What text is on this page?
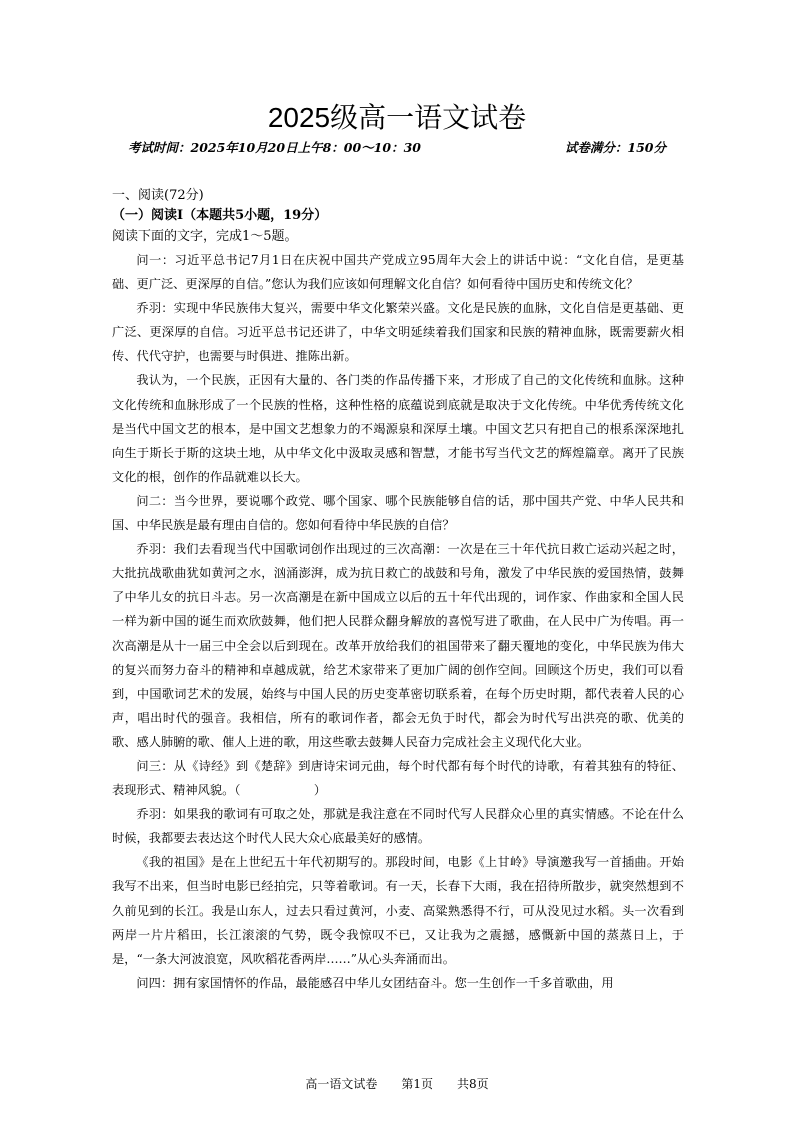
2025级高一语文试卷
考试时间：2025年10月20日上午8：00～10：30	试卷满分：150分

一、阅读(72分)

（一）阅读Ⅰ（本题共5小题，19分）

阅读下面的文字，完成1～5题。

问一：习近平总书记7月1日在庆祝中国共产党成立95周年大会上的讲话中说：“文化自信，是更基础、更广泛、更深厚的自信。”您认为我们应该如何理解文化自信？如何看待中国历史和传统文化？

乔羽：实现中华民族伟大复兴，需要中华文化繁荣兴盛。文化是民族的血脉，文化自信是更基础、更广泛、更深厚的自信。习近平总书记还讲了，中华文明延续着我们国家和民族的精神血脉，既需要薪火相传、代代守护，也需要与时俱进、推陈出新。

我认为，一个民族，正因有大量的、各门类的作品传播下来，才形成了自己的文化传统和血脉。这种文化传统和血脉形成了一个民族的性格，这种性格的底蕴说到底就是取决于文化传统。中华优秀传统文化是当代中国文艺的根本，是中国文艺想象力的不竭源泉和深厚土壤。中国文艺只有把自己的根系深深地扎向生于斯长于斯的这块土地，从中华文化中汲取灵感和智慧，才能书写当代文艺的辉煌篇章。离开了民族文化的根，创作的作品就难以长大。

问二：当今世界，要说哪个政党、哪个国家、哪个民族能够自信的话，那中国共产党、中华人民共和国、中华民族是最有理由自信的。您如何看待中华民族的自信？

乔羽：我们去看现当代中国歌词创作出现过的三次高潮：一次是在三十年代抗日救亡运动兴起之时，大批抗战歌曲犹如黄河之水，汹涌澎湃，成为抗日救亡的战鼓和号角，激发了中华民族的爱国热情，鼓舞了中华儿女的抗日斗志。另一次高潮是在新中国成立以后的五十年代出现的，词作家、作曲家和全国人民一样为新中国的诞生而欢欣鼓舞，他们把人民群众翻身解放的喜悦写进了歌曲，在人民中广为传唱。再一次高潮是从十一届三中全会以后到现在。改革开放给我们的祖国带来了翻天覆地的变化，中华民族为伟大的复兴而努力奋斗的精神和卓越成就，给艺术家带来了更加广阔的创作空间。回顾这个历史，我们可以看到，中国歌词艺术的发展，始终与中国人民的历史变革密切联系着，在每个历史时期，都代表着人民的心声，唱出时代的强音。我相信，所有的歌词作者，都会无负于时代，都会为时代写出洪亮的歌、优美的歌、感人肺腑的歌、催人上进的歌，用这些歌去鼓舞人民奋力完成社会主义现代化大业。

问三：从《诗经》到《楚辞》到唐诗宋词元曲，每个时代都有每个时代的诗歌，有着其独有的特征、表现形式、精神风貌。（　　　　　　）

乔羽：如果我的歌词有可取之处，那就是我注意在不同时代写人民群众心里的真实情感。不论在什么时候，我都要去表达这个时代人民大众心底最美好的感情。

《我的祖国》是在上世纪五十年代初期写的。那段时间，电影《上甘岭》导演邀我写一首插曲。开始我写不出来，但当时电影已经拍完，只等着歌词。有一天，长春下大雨，我在招待所散步，就突然想到不久前见到的长江。我是山东人，过去只看过黄河，小麦、高粱熟悉得不行，可从没见过水稻。头一次看到两岸一片片稻田，长江滚滚的气势，既令我惊叹不已，又让我为之震撼，感慨新中国的蒸蒸日上，于是，“一条大河波浪宽，风吹稻花香两岸……”从心头奔涌而出。

问四：拥有家国情怀的作品，最能感召中华儿女团结奋斗。您一生创作一千多首歌曲，用

高一语文试卷　　第1页　　共8页
